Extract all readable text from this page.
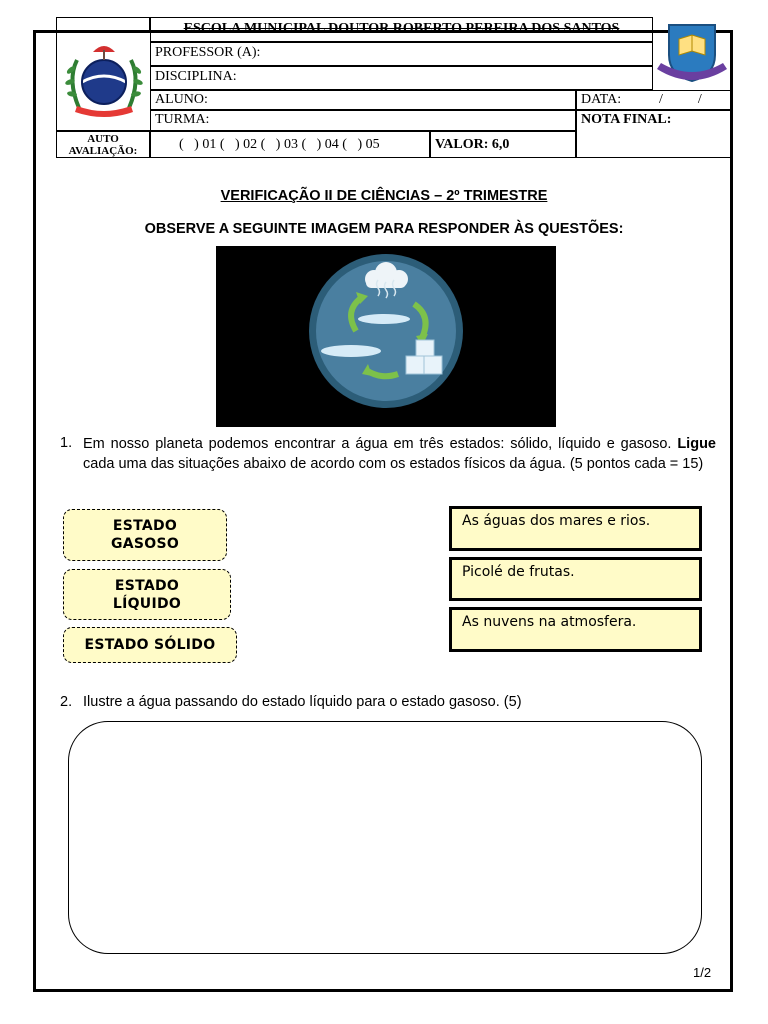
ESCOLA MUNICIPAL DOUTOR ROBERTO PEREIRA DOS SANTOS
PROFESSOR (A):
DISCIPLINA:
ALUNO:	DATA:	/          /
TURMA:	NOTA FINAL:
AUTO
AVALIAÇÃO:	(   ) 01 (   ) 02 (   ) 03 (   ) 04 (   ) 05	VALOR: 6,0
VERIFICAÇÃO II DE CIÊNCIAS – 2º TRIMESTRE
OBSERVE A SEGUINTE IMAGEM PARA RESPONDER ÀS QUESTÕES:
1. Em nosso planeta podemos encontrar a água em três estados: sólido, líquido e gasoso. Ligue cada uma das situações abaixo de acordo com os estados físicos da água. (5 pontos cada = 15)
ESTADO GASOSO
ESTADO LÍQUIDO
ESTADO SÓLIDO
As águas dos mares e rios.
Picolé de frutas.
As nuvens na atmosfera.
2. Ilustre a água passando do estado líquido para o estado gasoso. (5)
1/2
